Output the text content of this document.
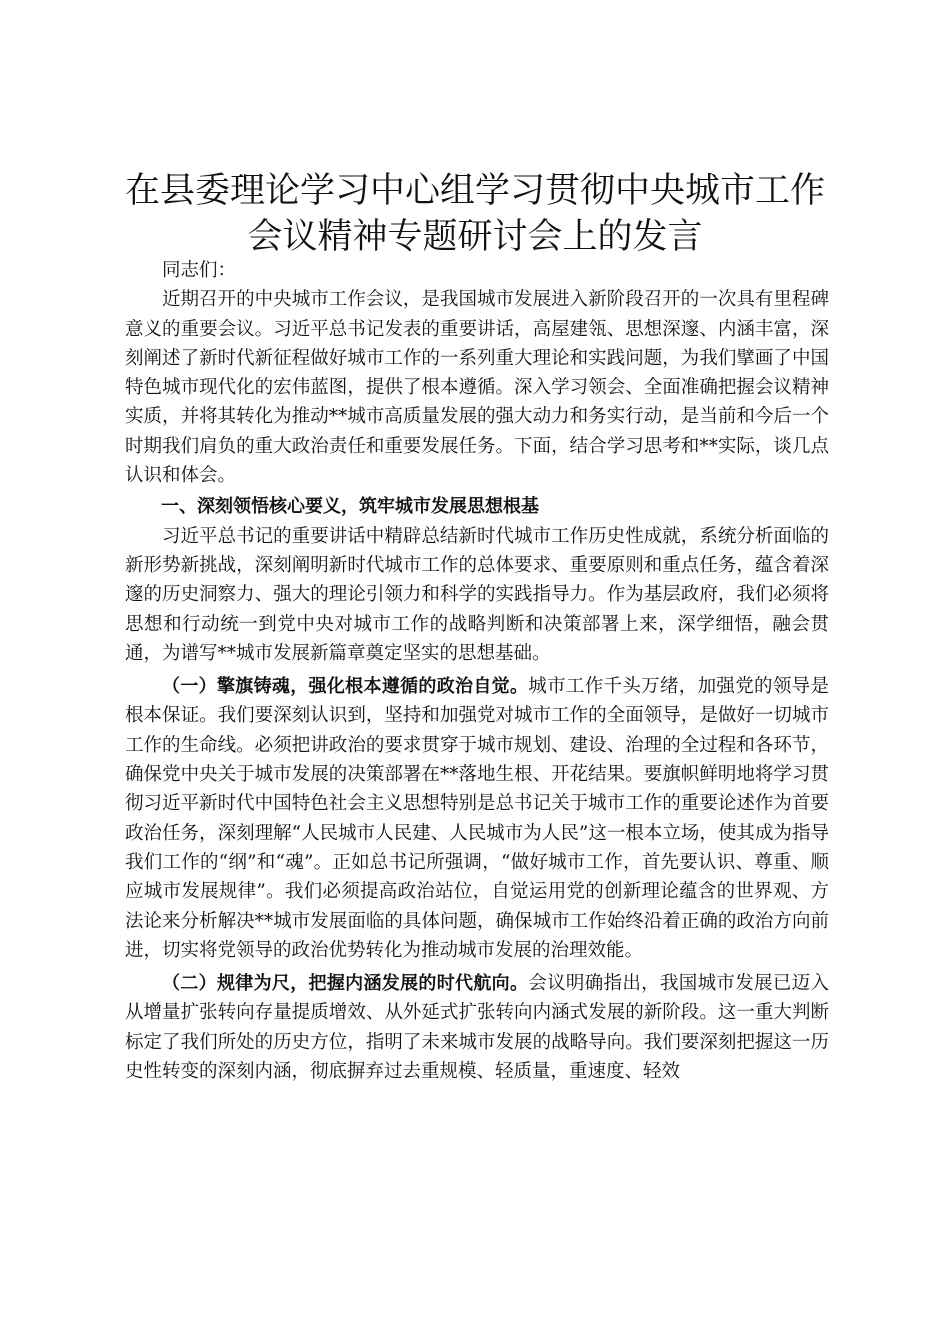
在县委理论学习中心组学习贯彻中央城市工作
会议精神专题研讨会上的发言

同志们：

近期召开的中央城市工作会议，是我国城市发展进入新阶段召开的一次具有里程碑意义的重要会议。习近平总书记发表的重要讲话，高屋建瓴、思想深邃、内涵丰富，深刻阐述了新时代新征程做好城市工作的一系列重大理论和实践问题，为我们擘画了中国特色城市现代化的宏伟蓝图，提供了根本遵循。深入学习领会、全面准确把握会议精神实质，并将其转化为推动**城市高质量发展的强大动力和务实行动，是当前和今后一个时期我们肩负的重大政治责任和重要发展任务。下面，结合学习思考和**实际，谈几点认识和体会。

一、深刻领悟核心要义，筑牢城市发展思想根基

习近平总书记的重要讲话中精辟总结新时代城市工作历史性成就，系统分析面临的新形势新挑战，深刻阐明新时代城市工作的总体要求、重要原则和重点任务，蕴含着深邃的历史洞察力、强大的理论引领力和科学的实践指导力。作为基层政府，我们必须将思想和行动统一到党中央对城市工作的战略判断和决策部署上来，深学细悟，融会贯通，为谱写**城市发展新篇章奠定坚实的思想基础。

（一）擎旗铸魂，强化根本遵循的政治自觉。城市工作千头万绪，加强党的领导是根本保证。我们要深刻认识到，坚持和加强党对城市工作的全面领导，是做好一切城市工作的生命线。必须把讲政治的要求贯穿于城市规划、建设、治理的全过程和各环节，确保党中央关于城市发展的决策部署在**落地生根、开花结果。要旗帜鲜明地将学习贯彻习近平新时代中国特色社会主义思想特别是总书记关于城市工作的重要论述作为首要政治任务，深刻理解“人民城市人民建、人民城市为人民”这一根本立场，使其成为指导我们工作的“纲”和“魂”。正如总书记所强调，“做好城市工作，首先要认识、尊重、顺应城市发展规律”。我们必须提高政治站位，自觉运用党的创新理论蕴含的世界观、方法论来分析解决**城市发展面临的具体问题，确保城市工作始终沿着正确的政治方向前进，切实将党领导的政治优势转化为推动城市发展的治理效能。

（二）规律为尺，把握内涵发展的时代航向。会议明确指出，我国城市发展已迈入从增量扩张转向存量提质增效、从外延式扩张转向内涵式发展的新阶段。这一重大判断标定了我们所处的历史方位，指明了未来城市发展的战略导向。我们要深刻把握这一历史性转变的深刻内涵，彻底摒弃过去重规模、轻质量，重速度、轻效
